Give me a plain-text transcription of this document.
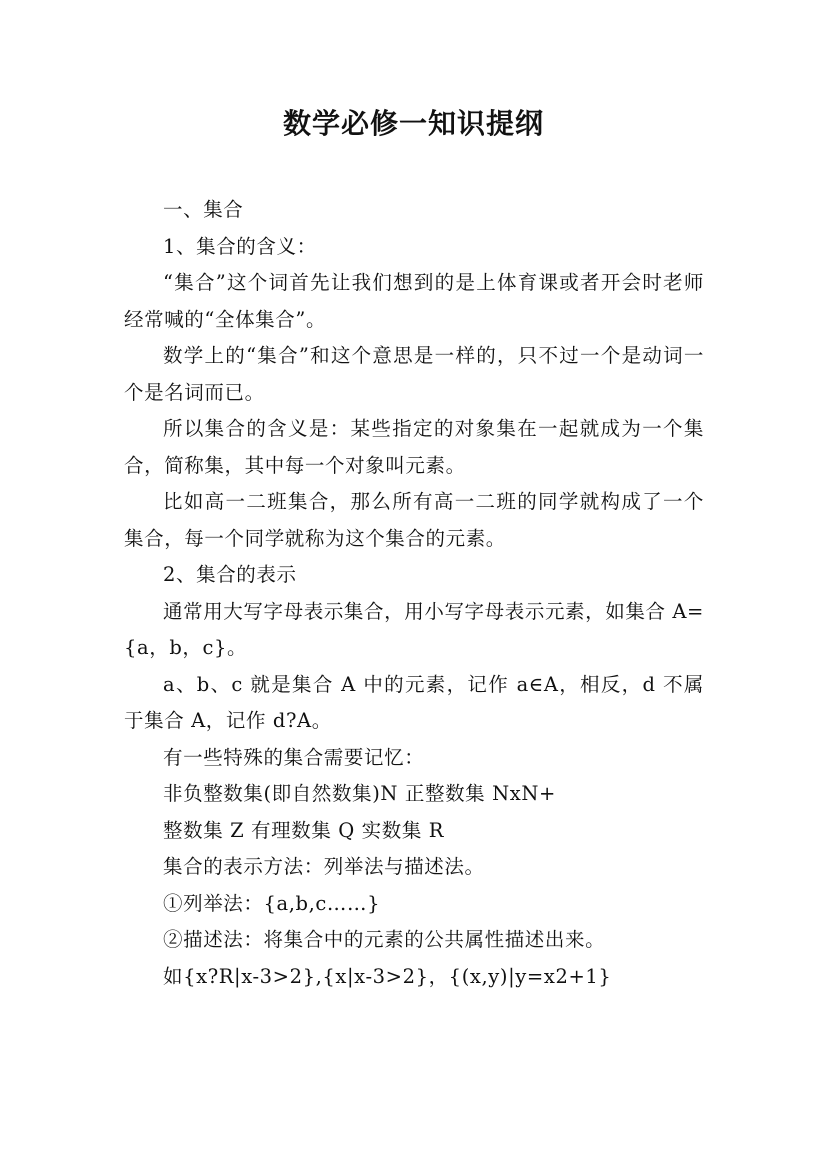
数学必修一知识提纲

一、集合

1、集合的含义：

“集合”这个词首先让我们想到的是上体育课或者开会时老师经常喊的“全体集合”。

数学上的“集合”和这个意思是一样的，只不过一个是动词一个是名词而已。

所以集合的含义是：某些指定的对象集在一起就成为一个集合，简称集，其中每一个对象叫元素。

比如高一二班集合，那么所有高一二班的同学就构成了一个集合，每一个同学就称为这个集合的元素。

2、集合的表示

通常用大写字母表示集合，用小写字母表示元素，如集合 A={a，b，c}。

a、b、c 就是集合 A 中的元素，记作 a∈A，相反，d 不属于集合 A，记作 d?A。

有一些特殊的集合需要记忆：

非负整数集(即自然数集)N 正整数集 NxN+

整数集 Z 有理数集 Q 实数集 R

集合的表示方法：列举法与描述法。

①列举法：{a,b,c……}

②描述法：将集合中的元素的公共属性描述出来。

如{x?R|x-3>2},{x|x-3>2}，{(x,y)|y=x2+1}
